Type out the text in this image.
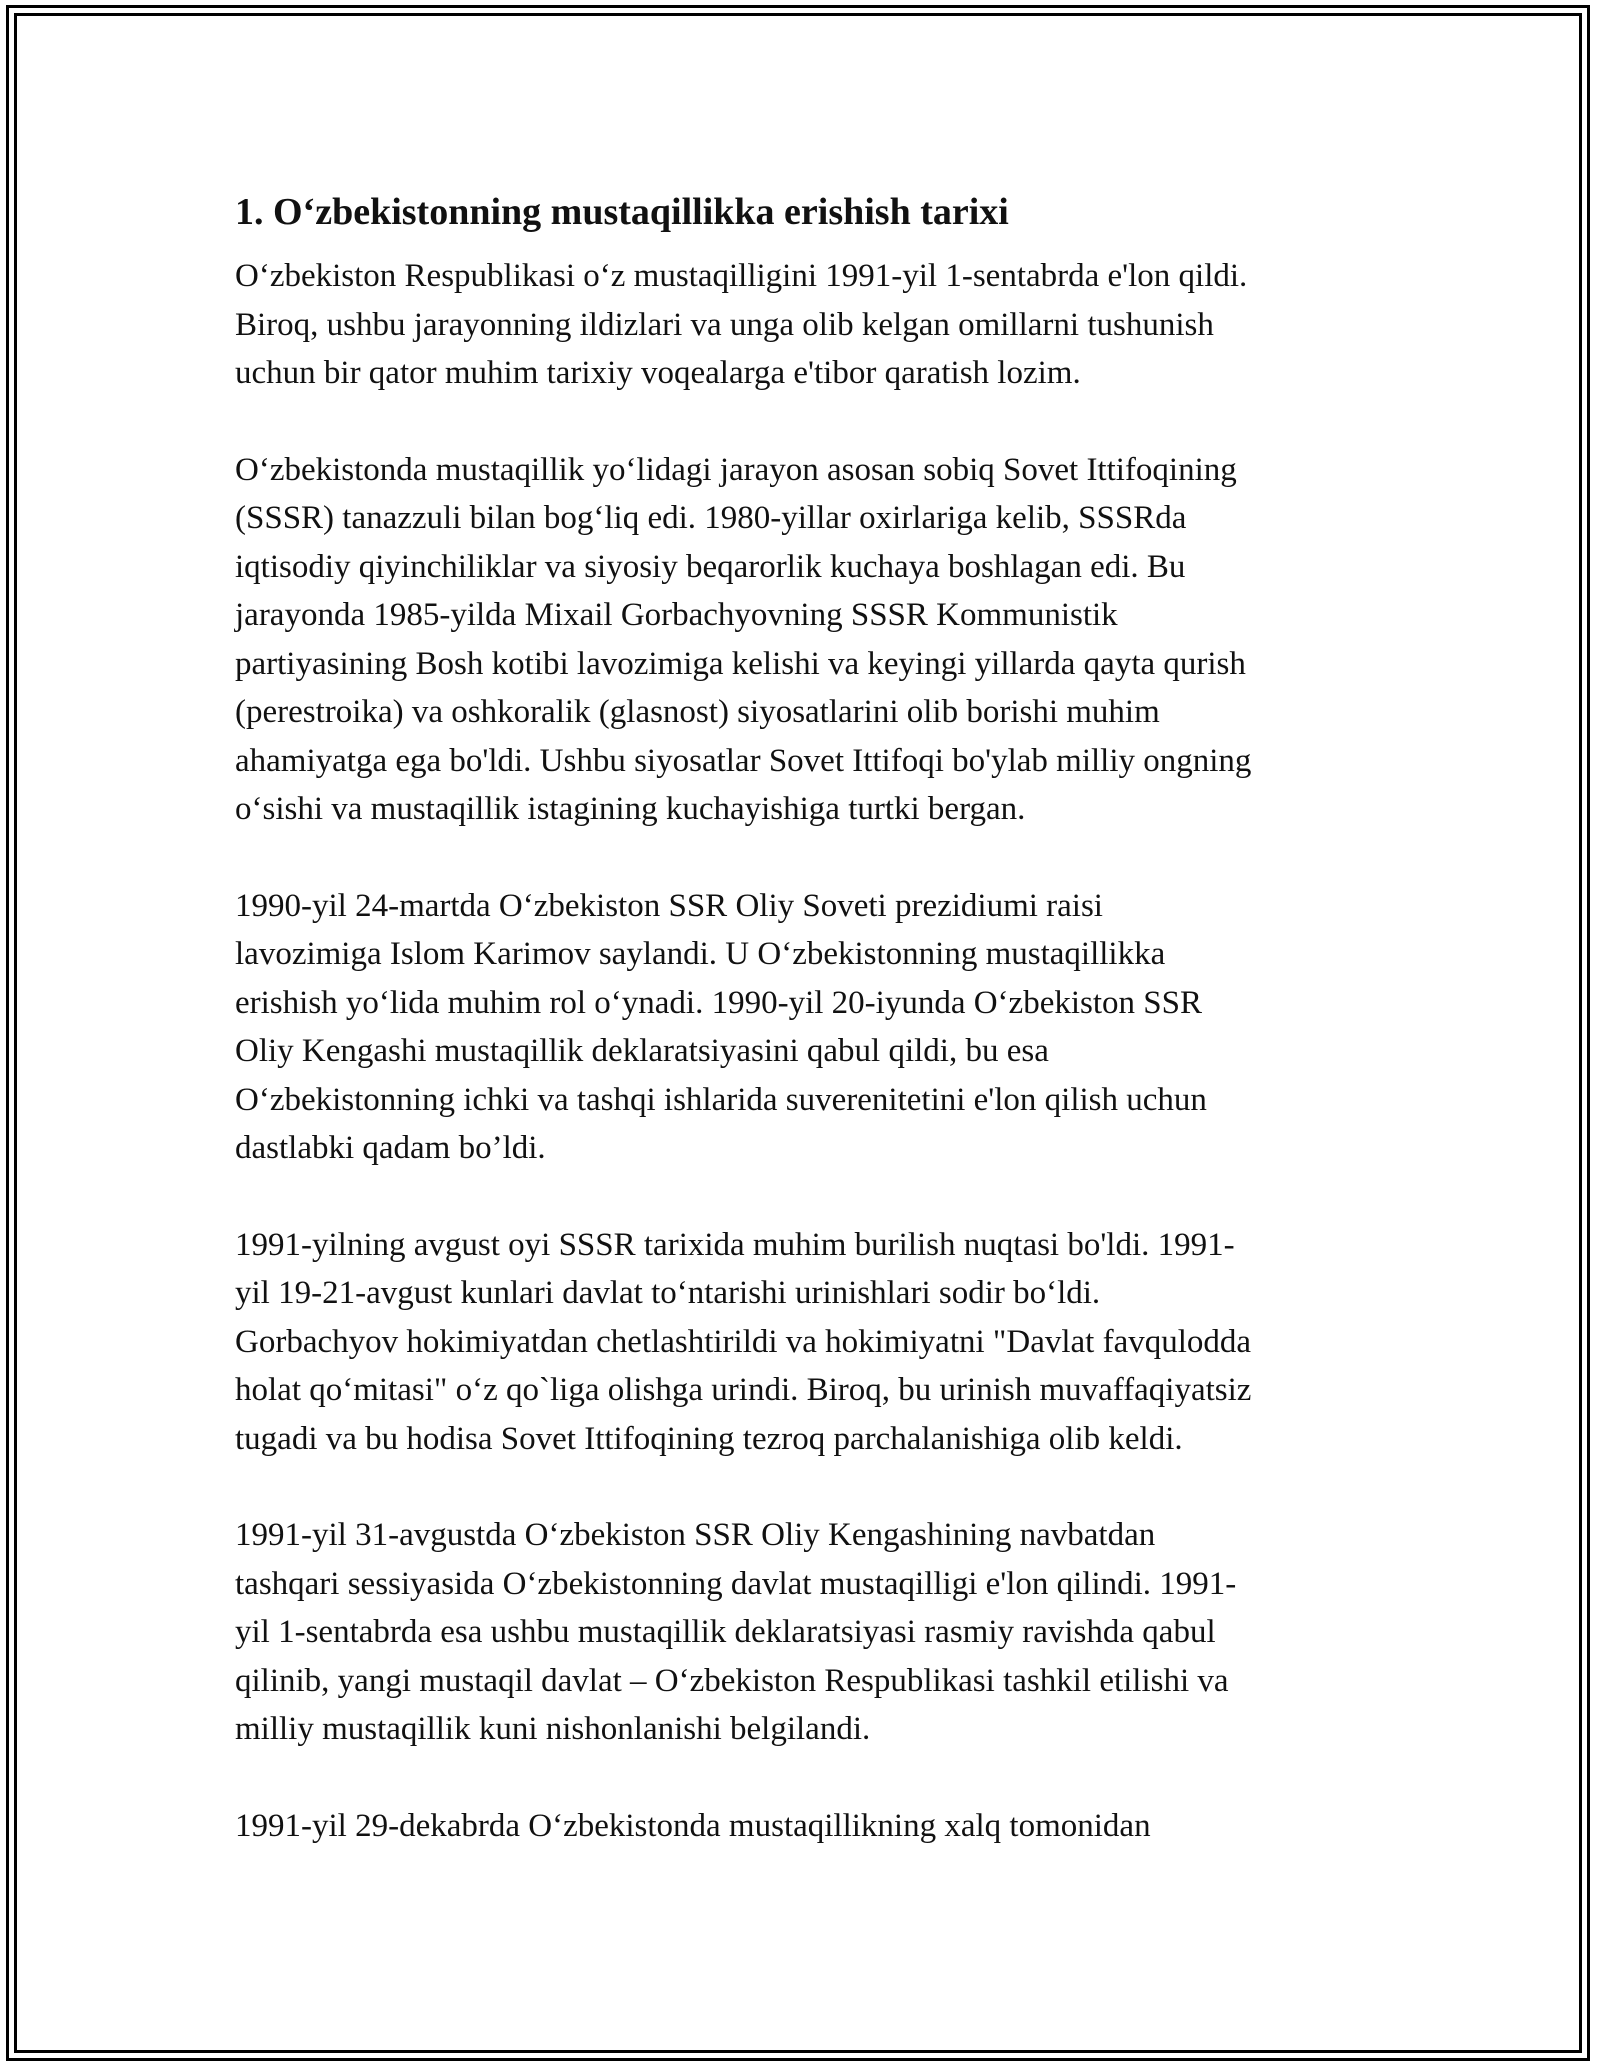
1. O‘zbekistonning mustaqillikka erishish tarixi
O‘zbekiston Respublikasi o‘z mustaqilligini 1991-yil 1-sentabrda e'lon qildi.
Biroq, ushbu jarayonning ildizlari va unga olib kelgan omillarni tushunish
uchun bir qator muhim tarixiy voqealarga e'tibor qaratish lozim.
O‘zbekistonda mustaqillik yo‘lidagi jarayon asosan sobiq Sovet Ittifoqining
(SSSR) tanazzuli bilan bog‘liq edi. 1980-yillar oxirlariga kelib, SSSRda
iqtisodiy qiyinchiliklar va siyosiy beqarorlik kuchaya boshlagan edi. Bu
jarayonda 1985-yilda Mixail Gorbachyovning SSSR Kommunistik
partiyasining Bosh kotibi lavozimiga kelishi va keyingi yillarda qayta qurish
(perestroika) va oshkoralik (glasnost) siyosatlarini olib borishi muhim
ahamiyatga ega bo'ldi. Ushbu siyosatlar Sovet Ittifoqi bo'ylab milliy ongning
o‘sishi va mustaqillik istagining kuchayishiga turtki bergan.
1990-yil 24-martda O‘zbekiston SSR Oliy Soveti prezidiumi raisi
lavozimiga Islom Karimov saylandi. U O‘zbekistonning mustaqillikka
erishish yo‘lida muhim rol o‘ynadi. 1990-yil 20-iyunda O‘zbekiston SSR
Oliy Kengashi mustaqillik deklaratsiyasini qabul qildi, bu esa
O‘zbekistonning ichki va tashqi ishlarida suverenitetini e'lon qilish uchun
dastlabki qadam bo’ldi.
1991-yilning avgust oyi SSSR tarixida muhim burilish nuqtasi bo'ldi. 1991-
yil 19-21-avgust kunlari davlat to‘ntarishi urinishlari sodir bo‘ldi.
Gorbachyov hokimiyatdan chetlashtirildi va hokimiyatni "Davlat favqulodda
holat qo‘mitasi" o‘z qo`liga olishga urindi. Biroq, bu urinish muvaffaqiyatsiz
tugadi va bu hodisa Sovet Ittifoqining tezroq parchalanishiga olib keldi.
1991-yil 31-avgustda O‘zbekiston SSR Oliy Kengashining navbatdan
tashqari sessiyasida O‘zbekistonning davlat mustaqilligi e'lon qilindi. 1991-
yil 1-sentabrda esa ushbu mustaqillik deklaratsiyasi rasmiy ravishda qabul
qilinib, yangi mustaqil davlat – O‘zbekiston Respublikasi tashkil etilishi va
milliy mustaqillik kuni nishonlanishi belgilandi.
1991-yil 29-dekabrda O‘zbekistonda mustaqillikning xalq tomonidan
